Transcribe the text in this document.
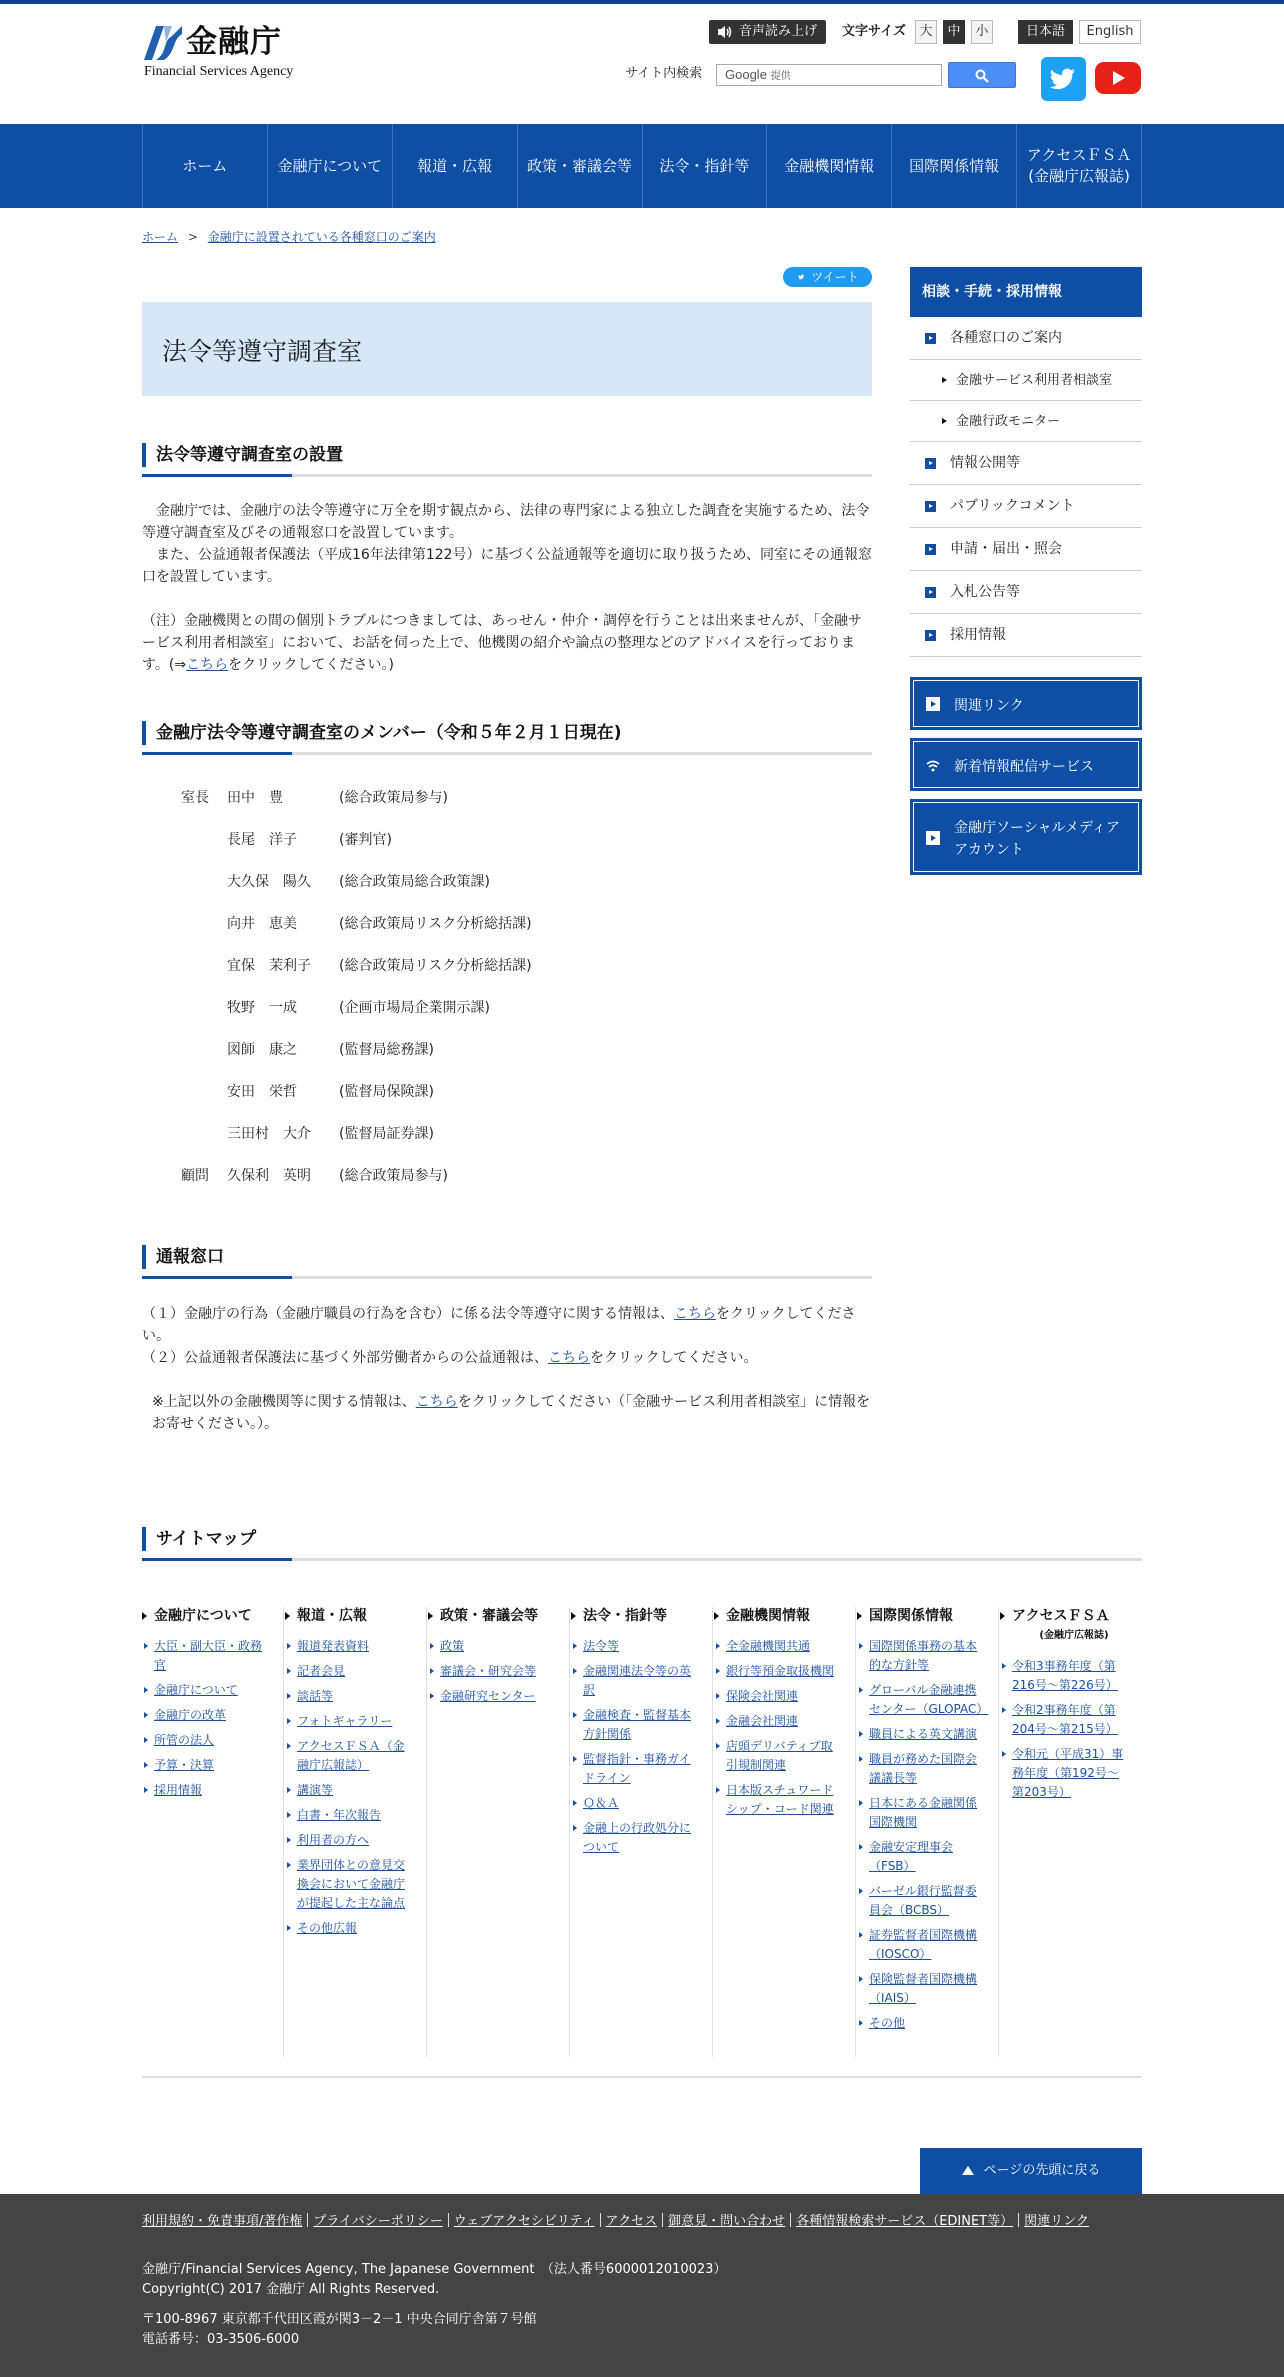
金融庁
Financial Services Agency
音声読み上げ	文字サイズ	大	中	小	日本語	English
サイト内検索	Google 提供
ホーム	金融庁について	報道・広報	政策・審議会等	法令・指針等	金融機関情報	国際関係情報
アクセスＦＳＡ
(金融庁広報誌)
ホーム > 金融庁に設置されている各種窓口のご案内
ツイート
法令等遵守調査室
法令等遵守調査室の設置

　金融庁では、金融庁の法令等遵守に万全を期す観点から、法律の専門家による独立した調査を実施するため、法令等遵守調査室及びその通報窓口を設置しています。

　また、公益通報者保護法（平成16年法律第122号）に基づく公益通報等を適切に取り扱うため、同室にその通報窓口を設置しています。

（注）金融機関との間の個別トラブルにつきましては、あっせん・仲介・調停を行うことは出来ませんが、「金融サービス利用者相談室」において、お話を伺った上で、他機関の紹介や論点の整理などのアドバイスを行っております。(⇒こちらをクリックしてください。)

金融庁法令等遵守調査室のメンバー（令和５年２月１日現在)
室長 田中　豊	(総合政策局参与)
長尾　洋子	(審判官)
大久保　陽久 (総合政策局総合政策課)
向井　恵美	(総合政策局リスク分析総括課)
宜保　茉利子 (総合政策局リスク分析総括課)
牧野　一成	(企画市場局企業開示課)
図師　康之	(監督局総務課)
安田　栄哲	(監督局保険課)
三田村　大介 (監督局証券課)
顧問 久保利　英明 (総合政策局参与)
通報窓口

（１）金融庁の行為（金融庁職員の行為を含む）に係る法令等遵守に関する情報は、こちらをクリックしてください。

（２）公益通報者保護法に基づく外部労働者からの公益通報は、こちらをクリックしてください。

※上記以外の金融機関等に関する情報は、こちらをクリックしてください（「金融サービス利用者相談室」に情報をお寄せください。）。

相談・手続・採用情報
各種窓口のご案内
金融サービス利用者相談室
金融行政モニター
情報公開等
パブリックコメント
申請・届出・照会
入札公告等
採用情報
関連リンク
新着情報配信サービス
金融庁ソーシャルメディア
アカウント
サイトマップ
金融庁について
大臣・副大臣・政務官
金融庁について
金融庁の改革
所管の法人
予算・決算
採用情報
報道・広報
報道発表資料
記者会見
談話等
フォトギャラリー
アクセスＦＳＡ（金融庁広報誌）
講演等
白書・年次報告
利用者の方へ
業界団体との意見交換会において金融庁が提起した主な論点
その他広報
政策・審議会等
政策
審議会・研究会等
金融研究センター
法令・指針等
法令等
金融関連法令等の英訳
金融検査・監督基本方針関係
監督指針・事務ガイドライン
Ｑ＆Ａ
金融上の行政処分について
金融機関情報
全金融機関共通
銀行等預金取扱機関
保険会社関連
金融会社関連
店頭デリバティブ取引規制関連
日本版スチュワードシップ・コード関連
国際関係情報
国際関係事務の基本的な方針等
グローバル金融連携センター（GLOPAC）
職員による英文講演
職員が務めた国際会議議長等
日本にある金融関係国際機関
金融安定理事会（FSB）
バーゼル銀行監督委員会（BCBS）
証券監督者国際機構（IOSCO）
保険監督者国際機構（IAIS）
その他
アクセスＦＳＡ
(金融庁広報誌)
令和3事務年度（第216号～第226号）
令和2事務年度（第204号～第215号）
令和元（平成31）事務年度（第192号～第203号）
ページの先頭に戻る
利用規約・免責事項/著作権 プライバシーポリシー ウェブアクセシビリティ アクセス 御意見・問い合わせ 各種情報検索サービス（EDINET等） 関連リンク
金融庁/Financial Services Agency, The Japanese Government　（法人番号6000012010023）
Copyright(C) 2017 金融庁 All Rights Reserved.
〒100-8967 東京都千代田区霞が関3－2－1 中央合同庁舎第７号館
電話番号：03-3506-6000
